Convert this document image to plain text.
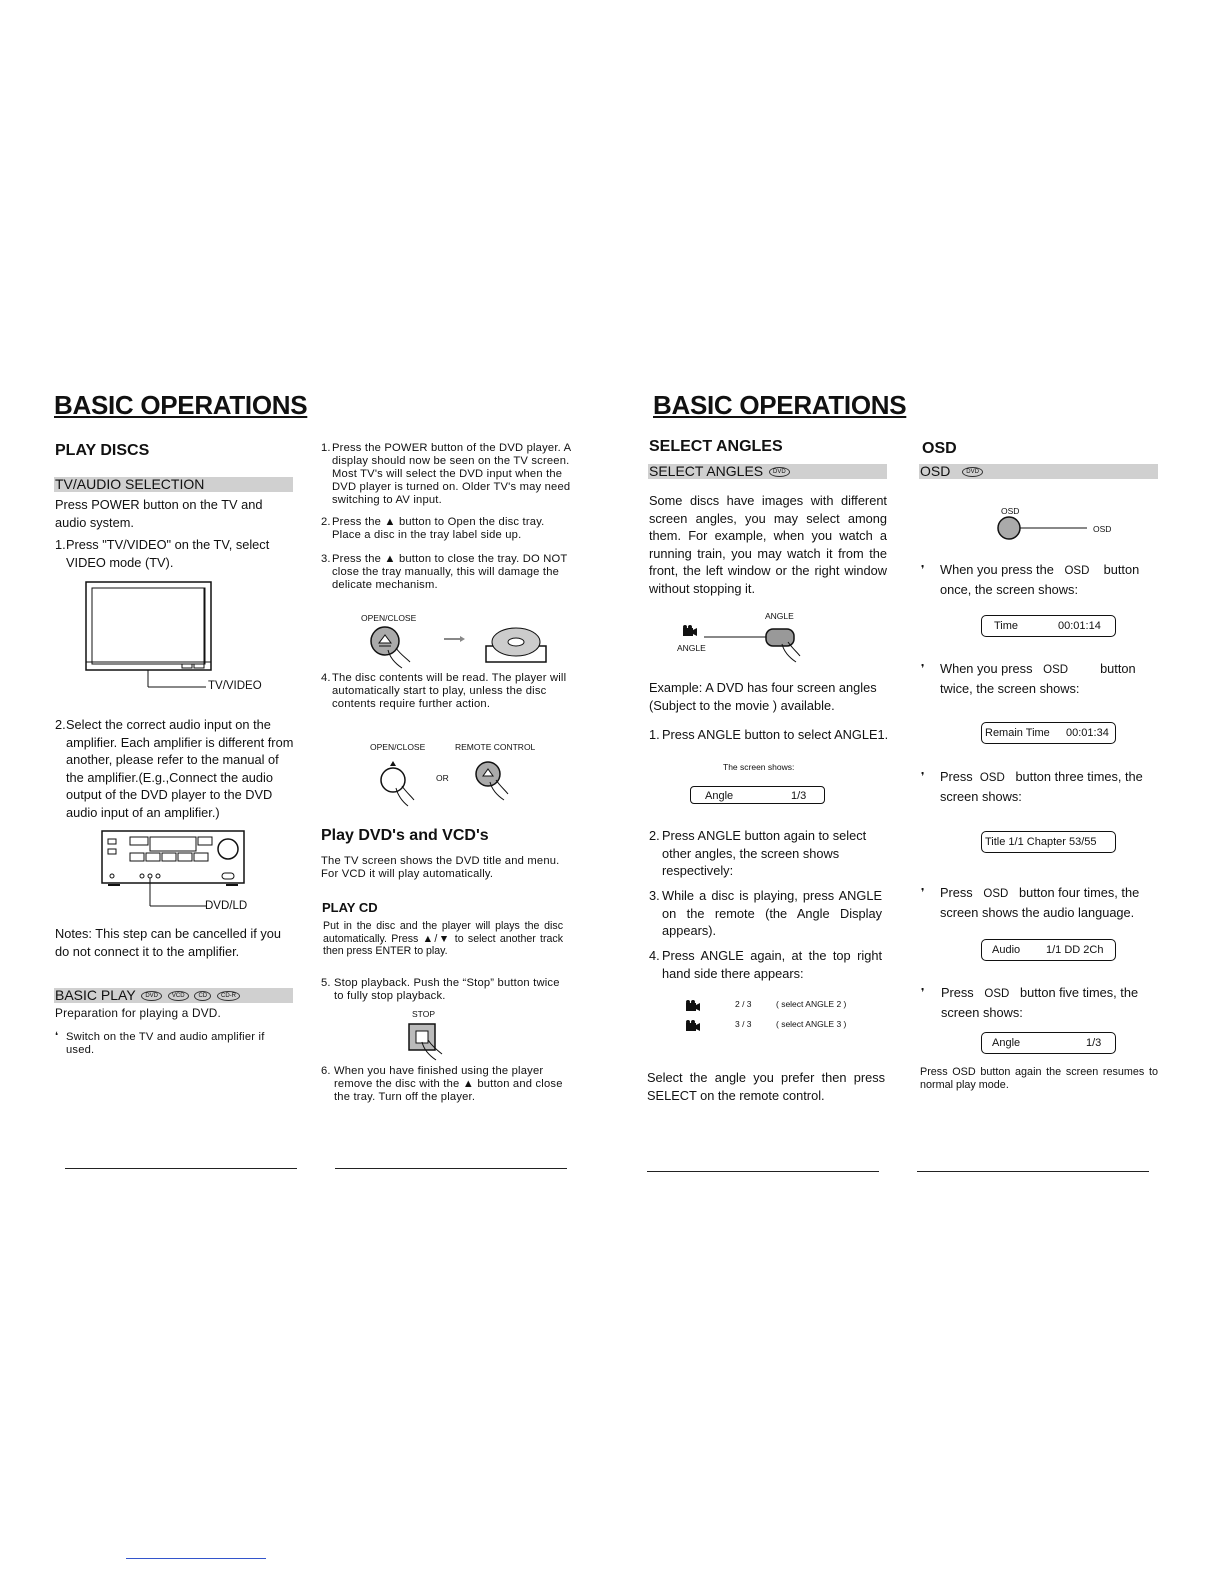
BASIC OPERATIONS
PLAY DISCS
TV/AUDIO SELECTION
Press POWER button on the TV and audio system.
1. Press "TV/VIDEO" on the TV, select VIDEO mode (TV).
TV/VIDEO
2. Select the correct audio input on the amplifier. Each amplifier is different from another, please refer to the manual of the amplifier.(E.g.,Connect the audio output of the DVD player to the DVD audio input of an amplifier.)
DVD/LD
Notes: This step can be cancelled if you do not connect it to the amplifier.
BASIC PLAY DVD VCD CD CD-R
Preparation for playing a DVD.
❛ Switch on the TV and audio amplifier if used.
1. Press the POWER button of the DVD player. A display should now be seen on the TV screen. Most TV's will select the DVD input when the DVD player is turned on. Older TV's may need switching to AV input.
2. Press the ▲ button to Open the disc tray. Place a disc in the tray label side up.
3. Press the ▲ button to close the tray. DO NOT close the tray manually, this will damage the delicate mechanism.
OPEN/CLOSE
4. The disc contents will be read. The player will automatically start to play, unless the disc contents require further action.
OPEN/CLOSE	REMOTE CONTROL
OR
Play DVD's and VCD's
The TV screen shows the DVD title and menu. For VCD it will play automatically.
PLAY CD
Put in the disc and the player will plays the disc automatically. Press ▲/▼ to select another track then press ENTER to play.
5. Stop playback. Push the “Stop” button twice to fully stop playback.
STOP
6. When you have finished using the player remove the disc with the ▲ button and close the tray. Turn off the player.
BASIC OPERATIONS
SELECT ANGLES
SELECT ANGLES DVD
Some discs have images with different screen angles, you may select among them. For example, when you watch a running train, you may watch it from the front, the left window or the right window without stopping it.
ANGLE
ANGLE
Example: A DVD has four screen angles (Subject to the movie ) available.
1. Press ANGLE button to select ANGLE1.
The screen shows:
Angle	1/3
2. Press ANGLE button again to select other angles, the screen shows respectively:
3. While a disc is playing, press ANGLE on the remote (the Angle Display appears).
4. Press ANGLE again, at the top right hand side there appears:
2 / 3	( select ANGLE 2 )
3 / 3	( select ANGLE 3 )
Select the angle you prefer then press SELECT on the remote control.
OSD
OSD	DVD
OSD
OSD
❜ When you press the OSD button once, the screen shows:
Time	00:01:14
❜ When you press OSD	button twice, the screen shows:
Remain Time 00:01:34
❜ Press OSD button three times, the screen shows:
Title 1/1 Chapter 53/55
❜ Press OSD button four times, the screen shows the audio language.
Audio 1/1 DD 2Ch
❜ Press OSD button five times, the screen shows:
Angle	1/3
Press OSD button again the screen resumes to normal play mode.
